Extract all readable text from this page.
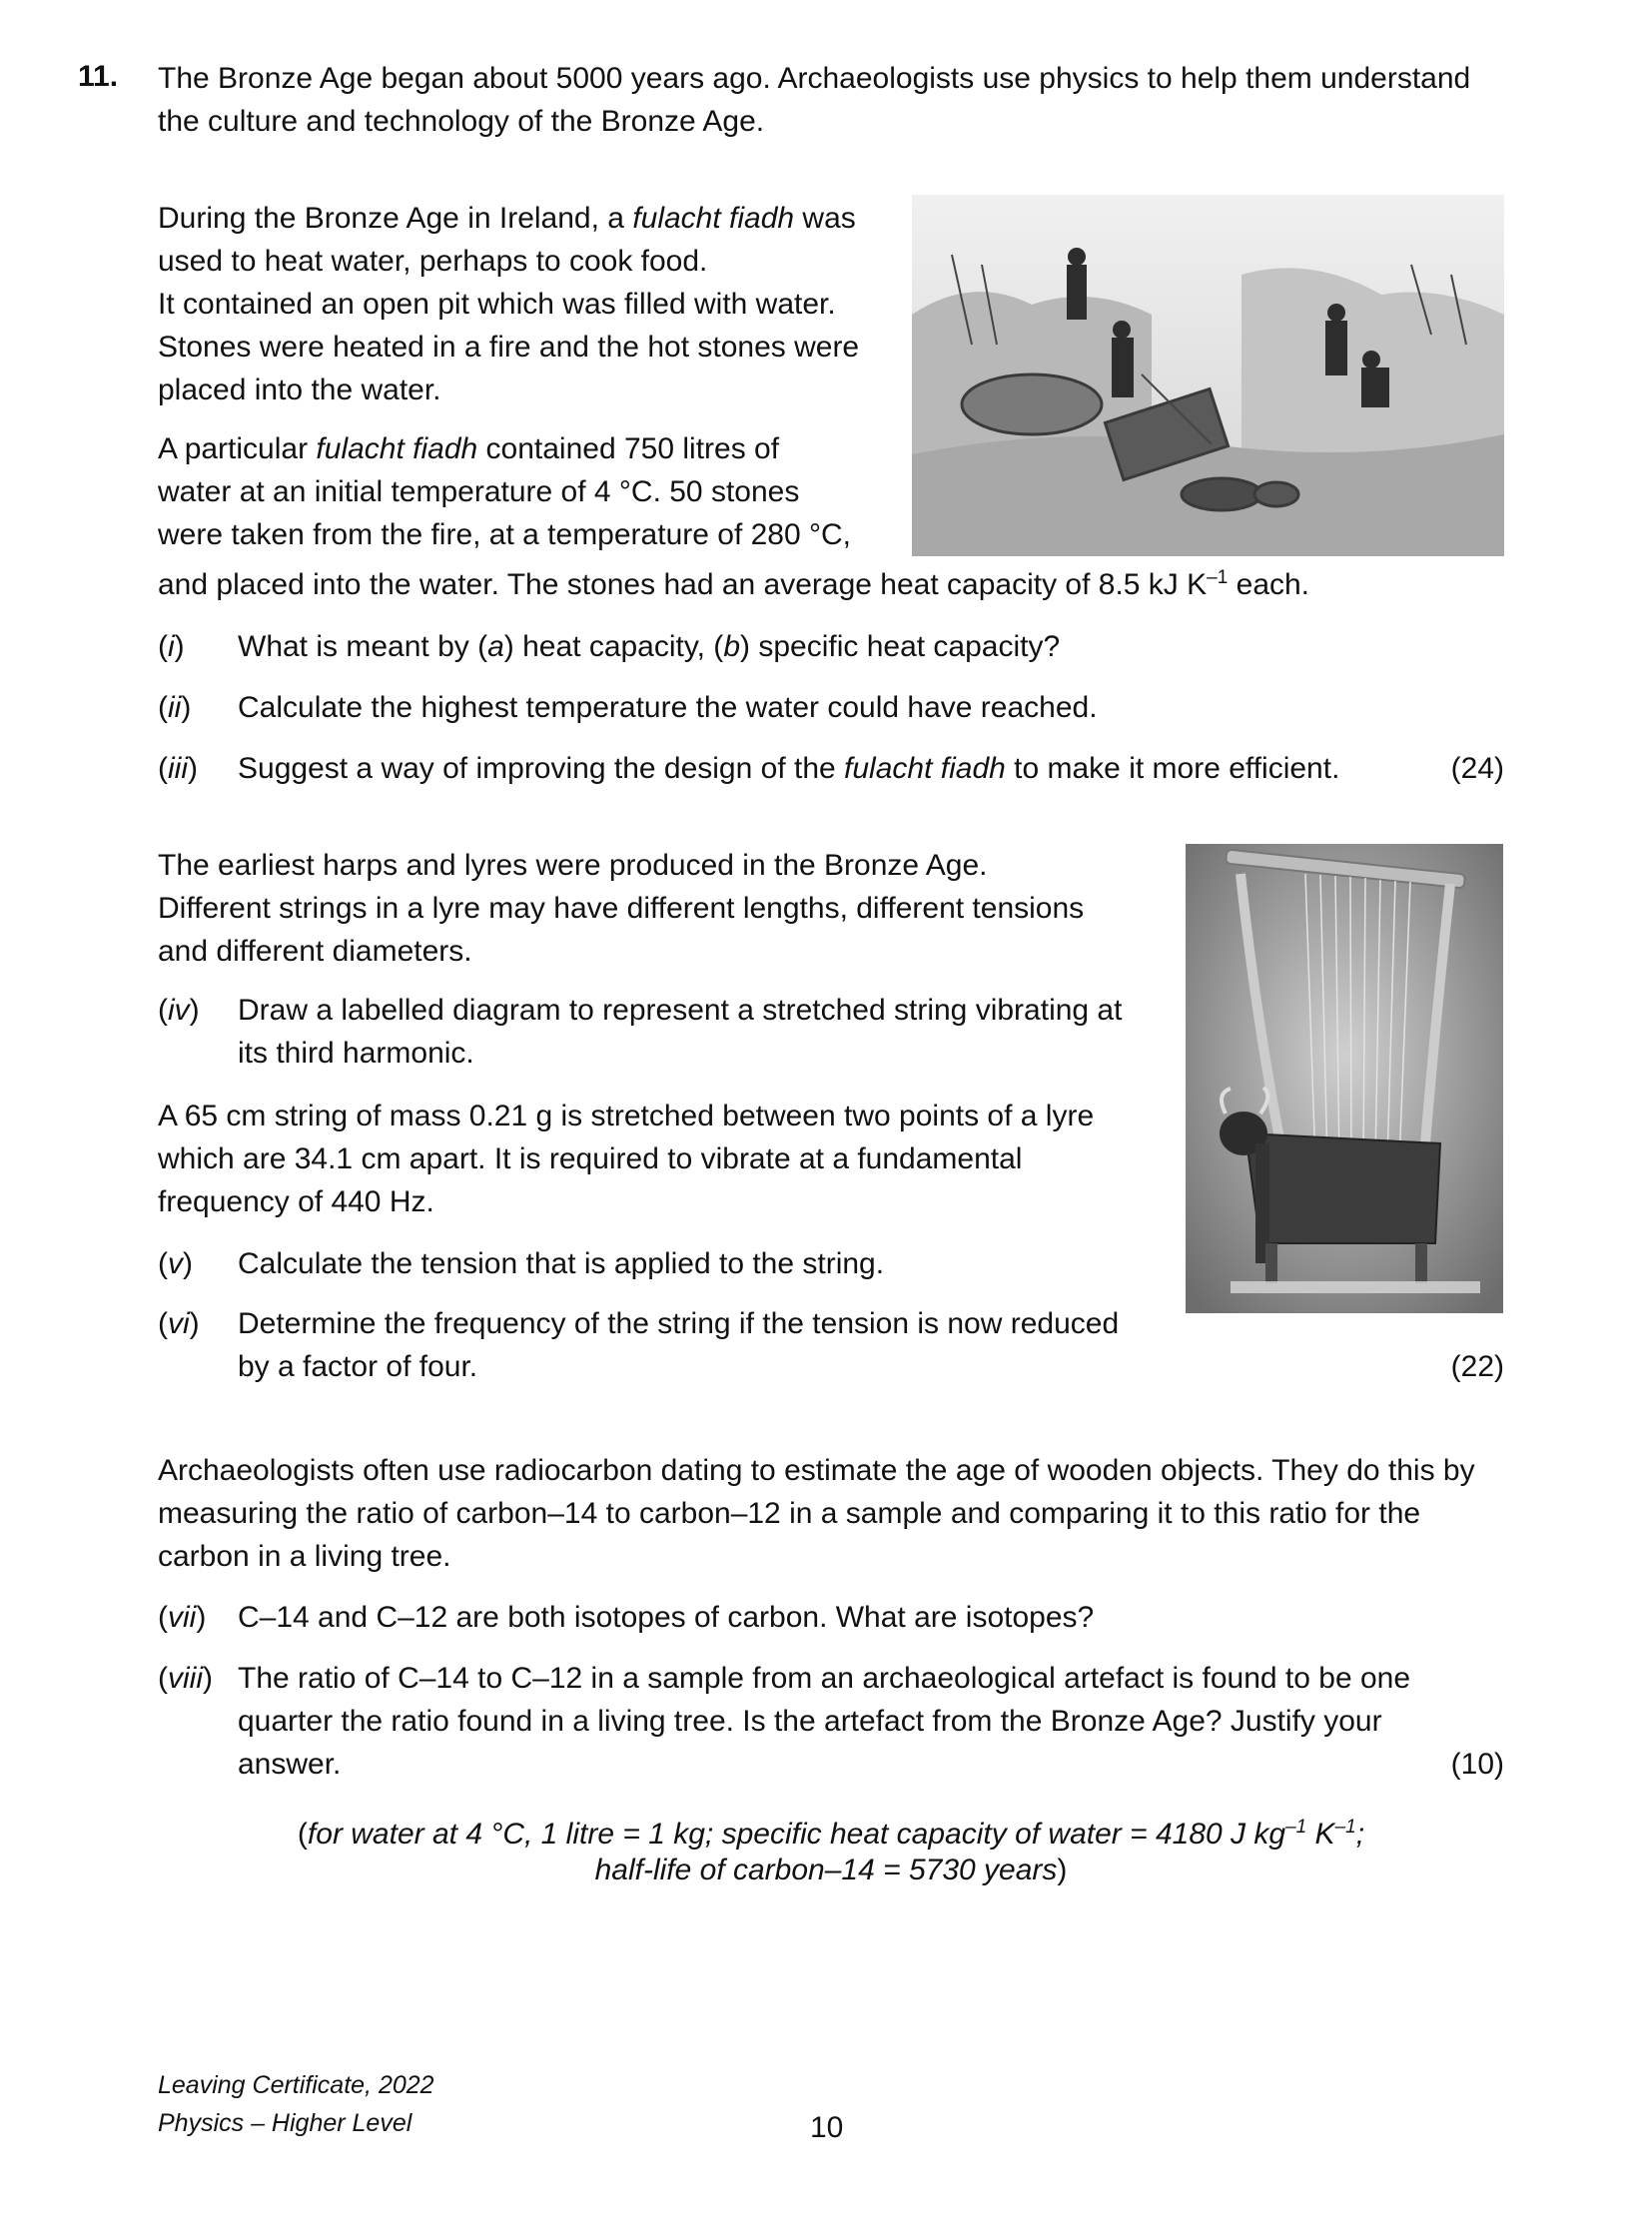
11. The Bronze Age began about 5000 years ago. Archaeologists use physics to help them understand

the culture and technology of the Bronze Age.

During the Bronze Age in Ireland, a fulacht fiadh was

used to heat water, perhaps to cook food.

It contained an open pit which was filled with water.

Stones were heated in a fire and the hot stones were

placed into the water.

A particular fulacht fiadh contained 750 litres of

water at an initial temperature of 4 °C. 50 stones

were taken from the fire, at a temperature of 280 °C,

and placed into the water. The stones had an average heat capacity of 8.5 kJ $K^{-1}$ each.

(i) What is meant by (a) heat capacity, (b) specific heat capacity?
(ii) Calculate the highest temperature the water could have reached.
(iii) Suggest a way of improving the design of the fulacht fiadh to make it more efficient.	(24)

The earliest harps and lyres were produced in the Bronze Age.

Different strings in a lyre may have different lengths, different tensions

and different diameters.

(iv) Draw a labelled diagram to represent a stretched string vibrating at
its third harmonic.

A 65 cm string of mass 0.21 g is stretched between two points of a lyre

which are 34.1 cm apart. It is required to vibrate at a fundamental

frequency of 440 Hz.

(v) Calculate the tension that is applied to the string.
(vi) Determine the frequency of the string if the tension is now reduced
by a factor of four.	(22)

Archaeologists often use radiocarbon dating to estimate the age of wooden objects. They do this by

measuring the ratio of carbon–14 to carbon–12 in a sample and comparing it to this ratio for the

carbon in a living tree.

(vii) C–14 and C–12 are both isotopes of carbon. What are isotopes?
(viii) The ratio of C–14 to C–12 in a sample from an archaeological artefact is found to be one
quarter the ratio found in a living tree. Is the artefact from the Bronze Age? Justify your
answer.	(10)
(for water at 4 °C, 1 litre = 1 kg; specific heat capacity of water = 4180 J $kg^{-1}$ $K^{-1}$;
half-life of carbon–14 = 5730 years)
Leaving Certificate, 2022
Physics – Higher Level	10
